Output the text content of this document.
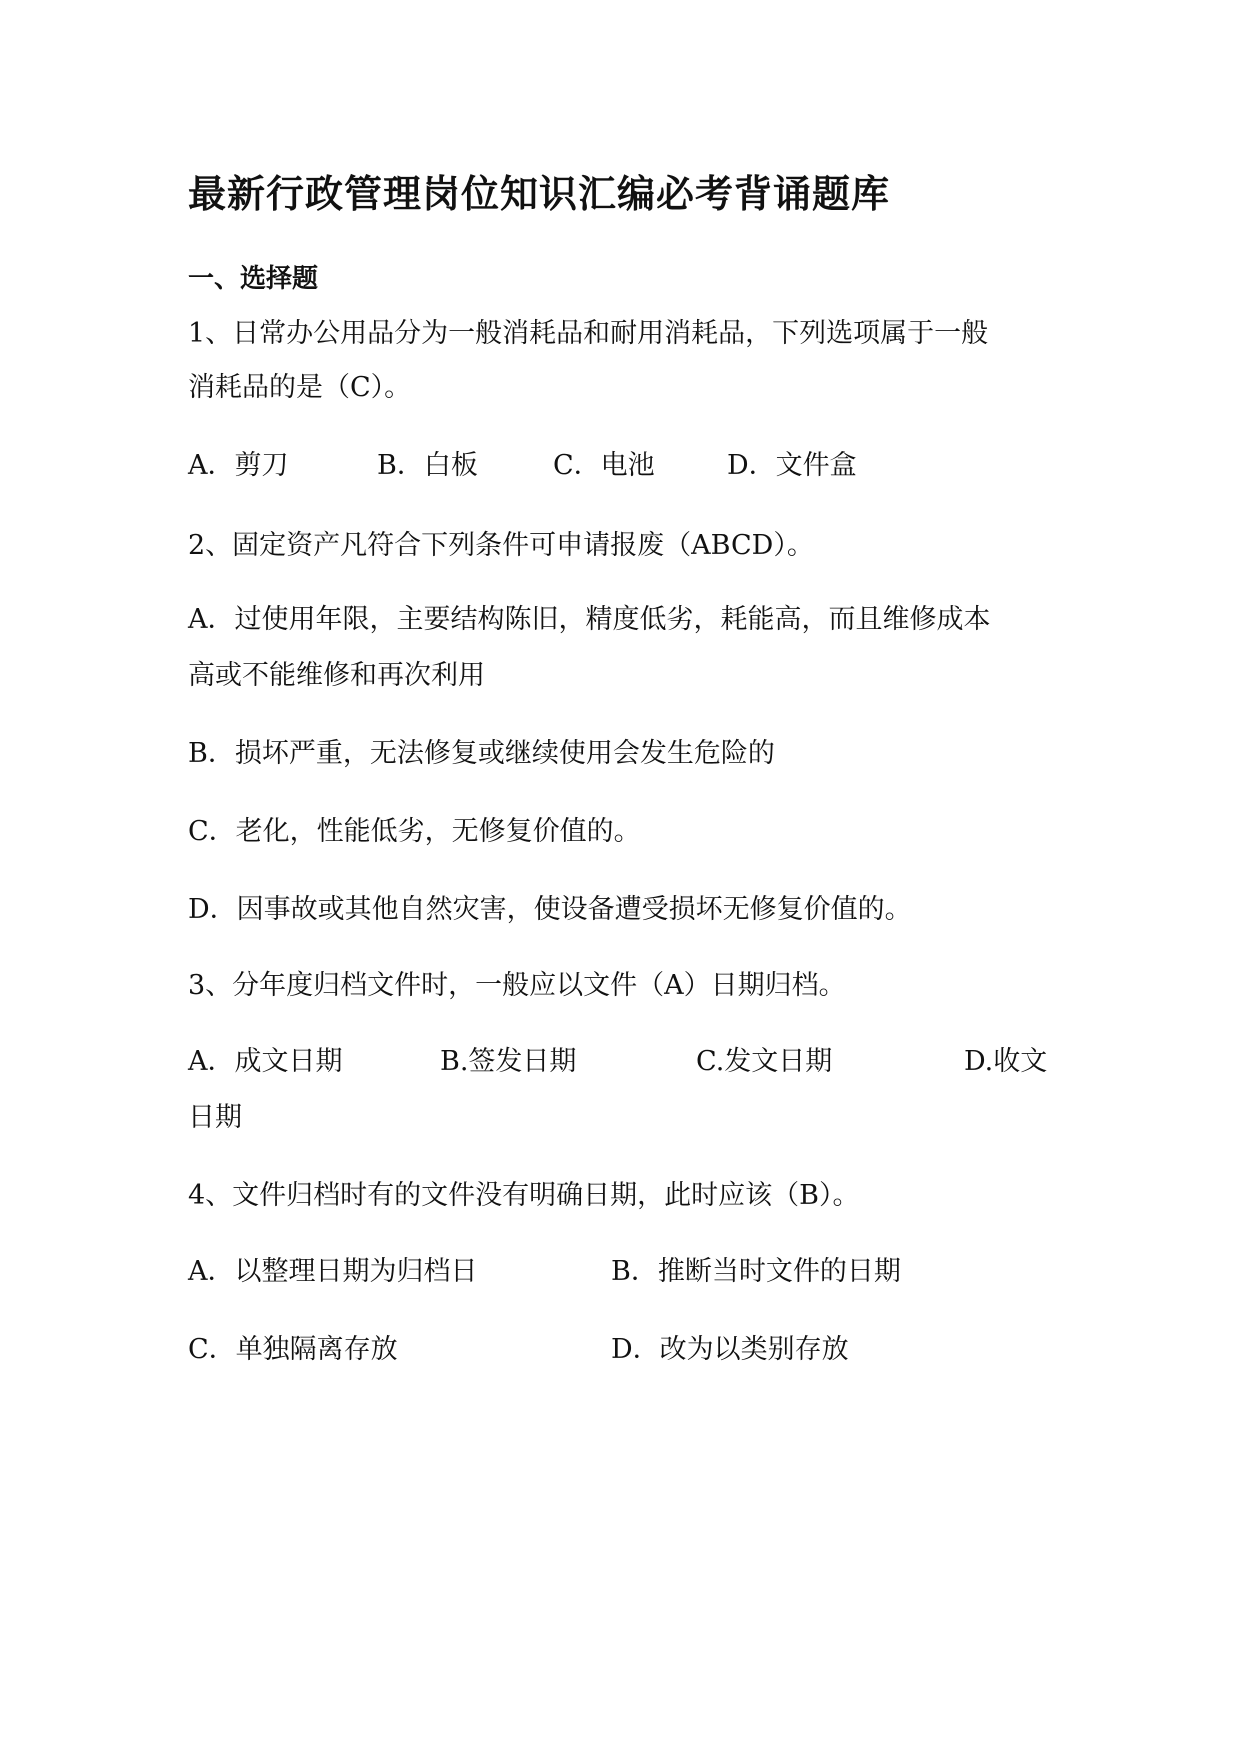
最新行政管理岗位知识汇编必考背诵题库
一、选择题
1、日常办公用品分为一般消耗品和耐用消耗品，下列选项属于一般
消耗品的是（C）。
A．剪刀	B．白板	C．电池	D．文件盒
2、固定资产凡符合下列条件可申请报废（ABCD）。
A．过使用年限，主要结构陈旧，精度低劣，耗能高，而且维修成本
高或不能维修和再次利用
B．损坏严重，无法修复或继续使用会发生危险的
C．老化，性能低劣，无修复价值的。
D．因事故或其他自然灾害，使设备遭受损坏无修复价值的。
3、分年度归档文件时，一般应以文件（A）日期归档。
A．成文日期	B.签发日期	C.发文日期	D.收文
日期
4、文件归档时有的文件没有明确日期，此时应该（B）。
A．以整理日期为归档日	B．推断当时文件的日期
C．单独隔离存放	D．改为以类别存放
